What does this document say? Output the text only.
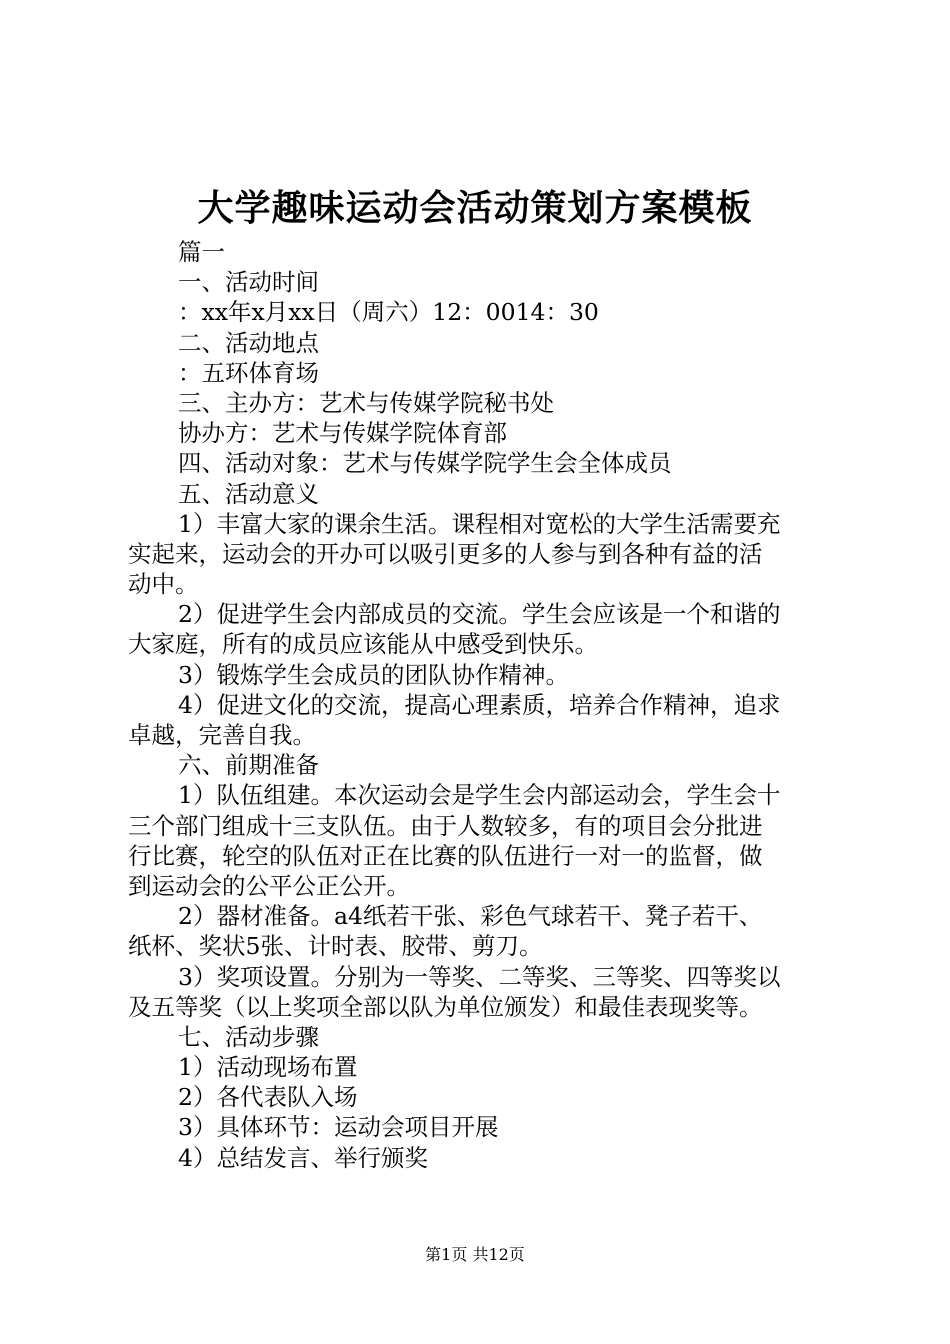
大学趣味运动会活动策划方案模板
篇一
一、活动时间
：xx年x月xx日（周六）12：0014：30
二、活动地点
：五环体育场
三、主办方：艺术与传媒学院秘书处
协办方：艺术与传媒学院体育部
四、活动对象：艺术与传媒学院学生会全体成员
五、活动意义
1）丰富大家的课余生活。课程相对宽松的大学生活需要充
实起来，运动会的开办可以吸引更多的人参与到各种有益的活
动中。
2）促进学生会内部成员的交流。学生会应该是一个和谐的
大家庭，所有的成员应该能从中感受到快乐。
3）锻炼学生会成员的团队协作精神。
4）促进文化的交流，提高心理素质，培养合作精神，追求
卓越，完善自我。
六、前期准备
1）队伍组建。本次运动会是学生会内部运动会，学生会十
三个部门组成十三支队伍。由于人数较多，有的项目会分批进
行比赛，轮空的队伍对正在比赛的队伍进行一对一的监督，做
到运动会的公平公正公开。
2）器材准备。a4纸若干张、彩色气球若干、凳子若干、
纸杯、奖状5张、计时表、胶带、剪刀。
3）奖项设置。分别为一等奖、二等奖、三等奖、四等奖以
及五等奖（以上奖项全部以队为单位颁发）和最佳表现奖等。
七、活动步骤
1）活动现场布置
2）各代表队入场
3）具体环节：运动会项目开展
4）总结发言、举行颁奖
第1页 共12页
